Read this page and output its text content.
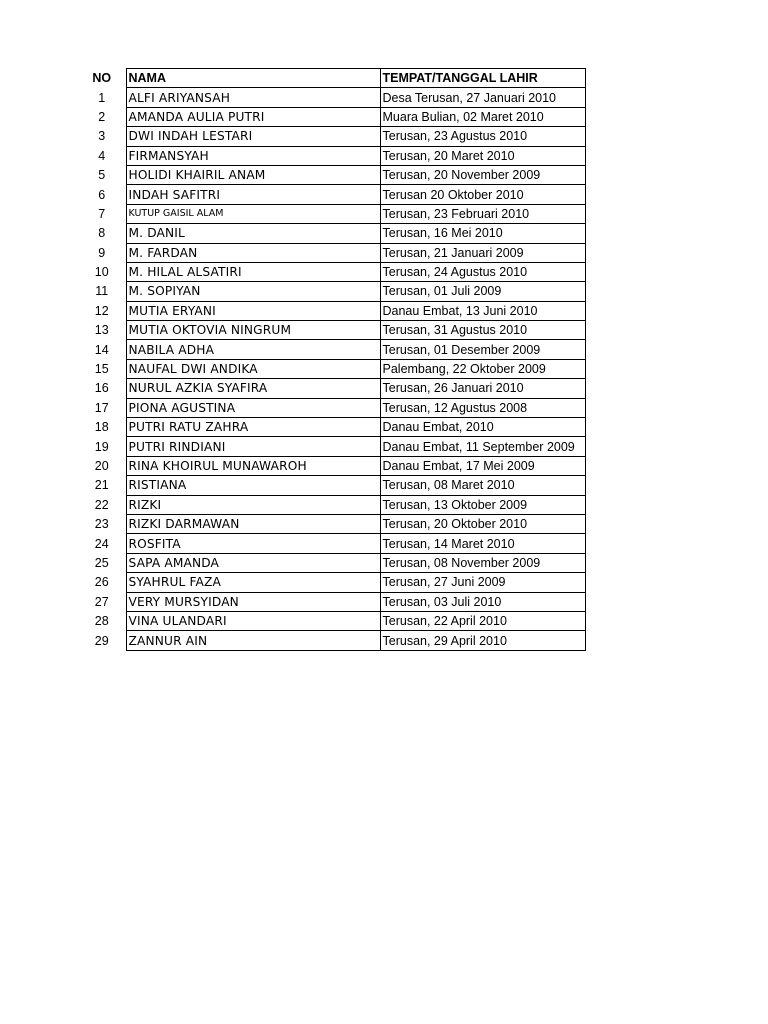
NO	NAMA	TEMPAT/TANGGAL LAHIR
1	ALFI ARIYANSAH	Desa Terusan, 27 Januari 2010
2	AMANDA AULIA PUTRI	Muara Bulian, 02 Maret 2010
3	DWI INDAH LESTARI	Terusan, 23 Agustus 2010
4	FIRMANSYAH	Terusan, 20 Maret 2010
5	HOLIDI KHAIRIL ANAM	Terusan, 20 November 2009
6	INDAH SAFITRI	Terusan 20 Oktober 2010
7	KUTUP GAISIL ALAM	Terusan, 23 Februari 2010
8	M. DANIL	Terusan, 16 Mei 2010
9	M. FARDAN	Terusan, 21 Januari 2009
10	M. HILAL ALSATIRI	Terusan, 24 Agustus 2010
11	M. SOPIYAN	Terusan, 01 Juli 2009
12	MUTIA ERYANI	Danau Embat, 13 Juni 2010
13	MUTIA OKTOVIA NINGRUM	Terusan, 31 Agustus 2010
14	NABILA ADHA	Terusan, 01 Desember 2009
15	NAUFAL DWI ANDIKA	Palembang, 22 Oktober 2009
16	NURUL AZKIA SYAFIRA	Terusan, 26 Januari 2010
17	PIONA AGUSTINA	Terusan, 12 Agustus 2008
18	PUTRI RATU ZAHRA	Danau Embat, 2010
19	PUTRI RINDIANI	Danau Embat, 11 September 2009
20	RINA KHOIRUL MUNAWAROH	Danau Embat, 17 Mei 2009
21	RISTIANA	Terusan, 08 Maret 2010
22	RIZKI	Terusan, 13 Oktober 2009
23	RIZKI DARMAWAN	Terusan, 20 Oktober 2010
24	ROSFITA	Terusan, 14 Maret 2010
25	SAPA AMANDA	Terusan, 08 November 2009
26	SYAHRUL FAZA	Terusan, 27 Juni 2009
27	VERY MURSYIDAN	Terusan, 03 Juli 2010
28	VINA ULANDARI	Terusan, 22 April 2010
29	ZANNUR AIN	Terusan, 29 April 2010
